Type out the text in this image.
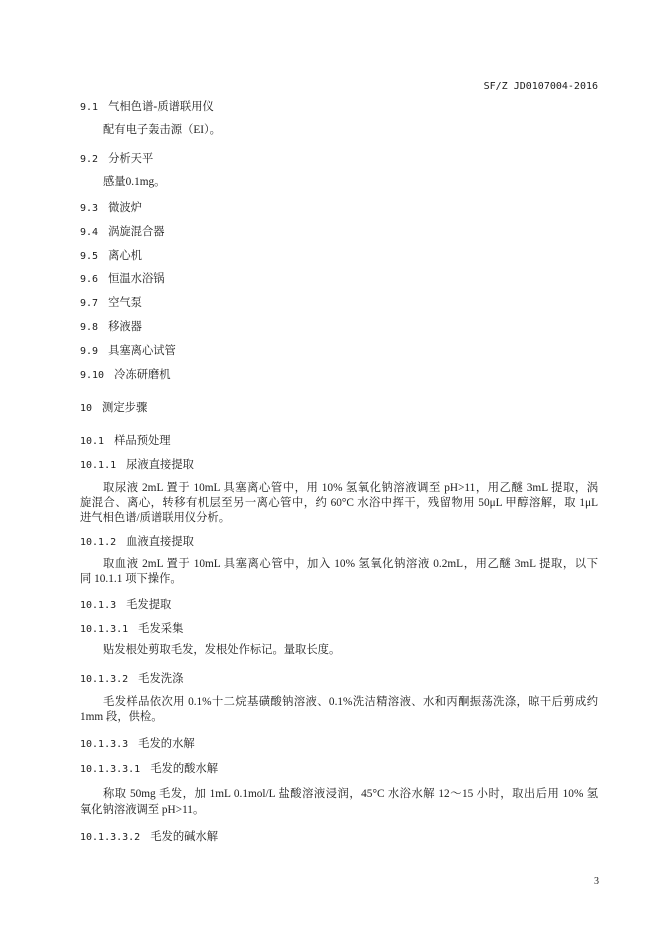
SF/Z JD0107004-2016
9.1 气相色谱-质谱联用仪
配有电子轰击源（EI）。
9.2 分析天平
感量0.1mg。
9.3 微波炉
9.4 涡旋混合器
9.5 离心机
9.6 恒温水浴锅
9.7 空气泵
9.8 移液器
9.9 具塞离心试管
9.10 冷冻研磨机
10 测定步骤
10.1 样品预处理
10.1.1 尿液直接提取
取尿液 2mL 置于 10mL 具塞离心管中，用 10% 氢氧化钠溶液调至 pH>11，用乙醚 3mL 提取，涡
旋混合、离心，转移有机层至另一离心管中，约 60°C 水浴中挥干，残留物用 50μL 甲醇溶解，取 1μL
进气相色谱/质谱联用仪分析。
10.1.2 血液直接提取
取血液 2mL 置于 10mL 具塞离心管中，加入 10% 氢氧化钠溶液 0.2mL，用乙醚 3mL 提取，以下
同 10.1.1 项下操作。
10.1.3 毛发提取
10.1.3.1 毛发采集
贴发根处剪取毛发，发根处作标记。量取长度。
10.1.3.2 毛发洗涤
毛发样品依次用 0.1%十二烷基磺酸钠溶液、0.1%洗洁精溶液、水和丙酮振荡洗涤，晾干后剪成约
1mm 段，供检。
10.1.3.3 毛发的水解
10.1.3.3.1 毛发的酸水解
称取 50mg 毛发，加 1mL 0.1mol/L 盐酸溶液浸润，45°C 水浴水解 12～15 小时，取出后用 10% 氢
氧化钠溶液调至 pH>11。
10.1.3.3.2 毛发的碱水解
3
